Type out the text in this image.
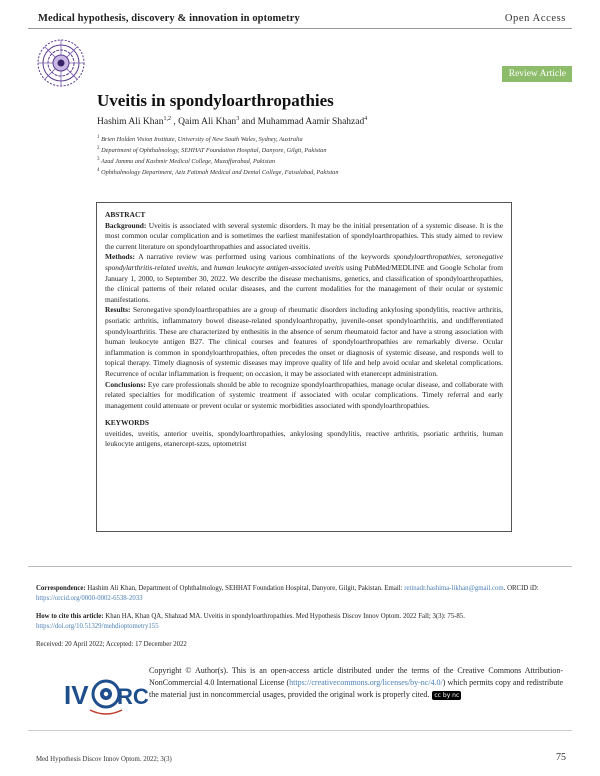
Medical hypothesis, discovery & innovation in optometry	Open Access
Review Article
Uveitis in spondyloarthropathies
Hashim Ali Khan$^{1,2}$ , Qaim Ali Khan$^3$ and Muhammad Aamir Shahzad$^4$
$^1$ Brien Holden Vision Institute, University of New South Wales, Sydney, Australia
$^2$ Department of Ophthalmology, SEHHAT Foundation Hospital, Danyore, Gilgit, Pakistan
$^3$ Azad Jammu and Kashmir Medical College, Muzaffarabad, Pakistan
$^4$ Ophthalmology Department, Aziz Fatimah Medical and Dental College, Faisalabad, Pakistan

ABSTRACT

Background: Uveitis is associated with several systemic disorders. It may be the initial presentation of a systemic disease. It is the most common ocular complication and is sometimes the earliest manifestation of spondyloarthropathies. This study aimed to review the current literature on spondyloarthropathies and associated uveitis.

Methods: A narrative review was performed using various combinations of the keywords spondyloarthropathies, seronegative spondylarthritis-related uveitis, and human leukocyte antigen-associated uveitis using PubMed/MEDLINE and Google Scholar from January 1, 2000, to September 30, 2022. We describe the disease mechanisms, genetics, and classification of spondyloarthropathies, the clinical patterns of their related ocular diseases, and the current modalities for the management of their ocular or systemic manifestations.

Results: Seronegative spondyloarthropathies are a group of rheumatic disorders including ankylosing spondylitis, reactive arthritis, psoriatic arthritis, inflammatory bowel disease-related spondyloarthropathy, juvenile-onset spondyloarthritis, and undifferentiated spondyloarthritis. These are characterized by enthesitis in the absence of serum rheumatoid factor and have a strong association with human leukocyte antigen B27. The clinical courses and features of spondyloarthropathies are remarkably diverse. Ocular inflammation is common in spondyloarthropathies, often precedes the onset or diagnosis of systemic disease, and responds well to topical therapy. Timely diagnosis of systemic diseases may improve quality of life and help avoid ocular and skeletal complications. Recurrence of ocular inflammation is frequent; on occasion, it may be associated with etanercept administration.

Conclusions: Eye care professionals should be able to recognize spondyloarthropathies, manage ocular disease, and collaborate with related specialties for modification of systemic treatment if associated with ocular complications. Timely referral and early management could attenuate or prevent ocular or systemic morbidities associated with spondyloarthropathies.

KEYWORDS

uveitides, uveitis, anterior uveitis, spondyloarthropathies, ankylosing spondylitis, reactive arthritis, psoriatic arthritis, human leukocyte antigens, etanercept-szzs, optometrist

Correspondence: Hashim Ali Khan, Department of Ophthalmology, SEHHAT Foundation Hospital, Danyore, Gilgit, Pakistan. Email: retinadr.hashima-likhan@gmail.com. ORCID iD: https://orcid.org/0000-0002-6538-2033
How to cite this article: Khan HA, Khan QA, Shahzad MA. Uveitis in spondyloarthropathies. Med Hypothesis Discov Innov Optom. 2022 Fall; 3(3): 75-85.
https://doi.org/10.51329/mehdioptometry155
Received: 20 April 2022; Accepted: 17 December 2022
IV RC
Copyright © Author(s). This is an open-access article distributed under the terms of the Creative Commons Attribution-NonCommercial 4.0 International License (https://creativecommons.org/licenses/by-nc/4.0/) which permits copy and redistribute the material just in noncommercial usages, provided the original work is properly cited. cc by nc
Med Hypothesis Discov Innov Optom. 2022; 3(3)	75
